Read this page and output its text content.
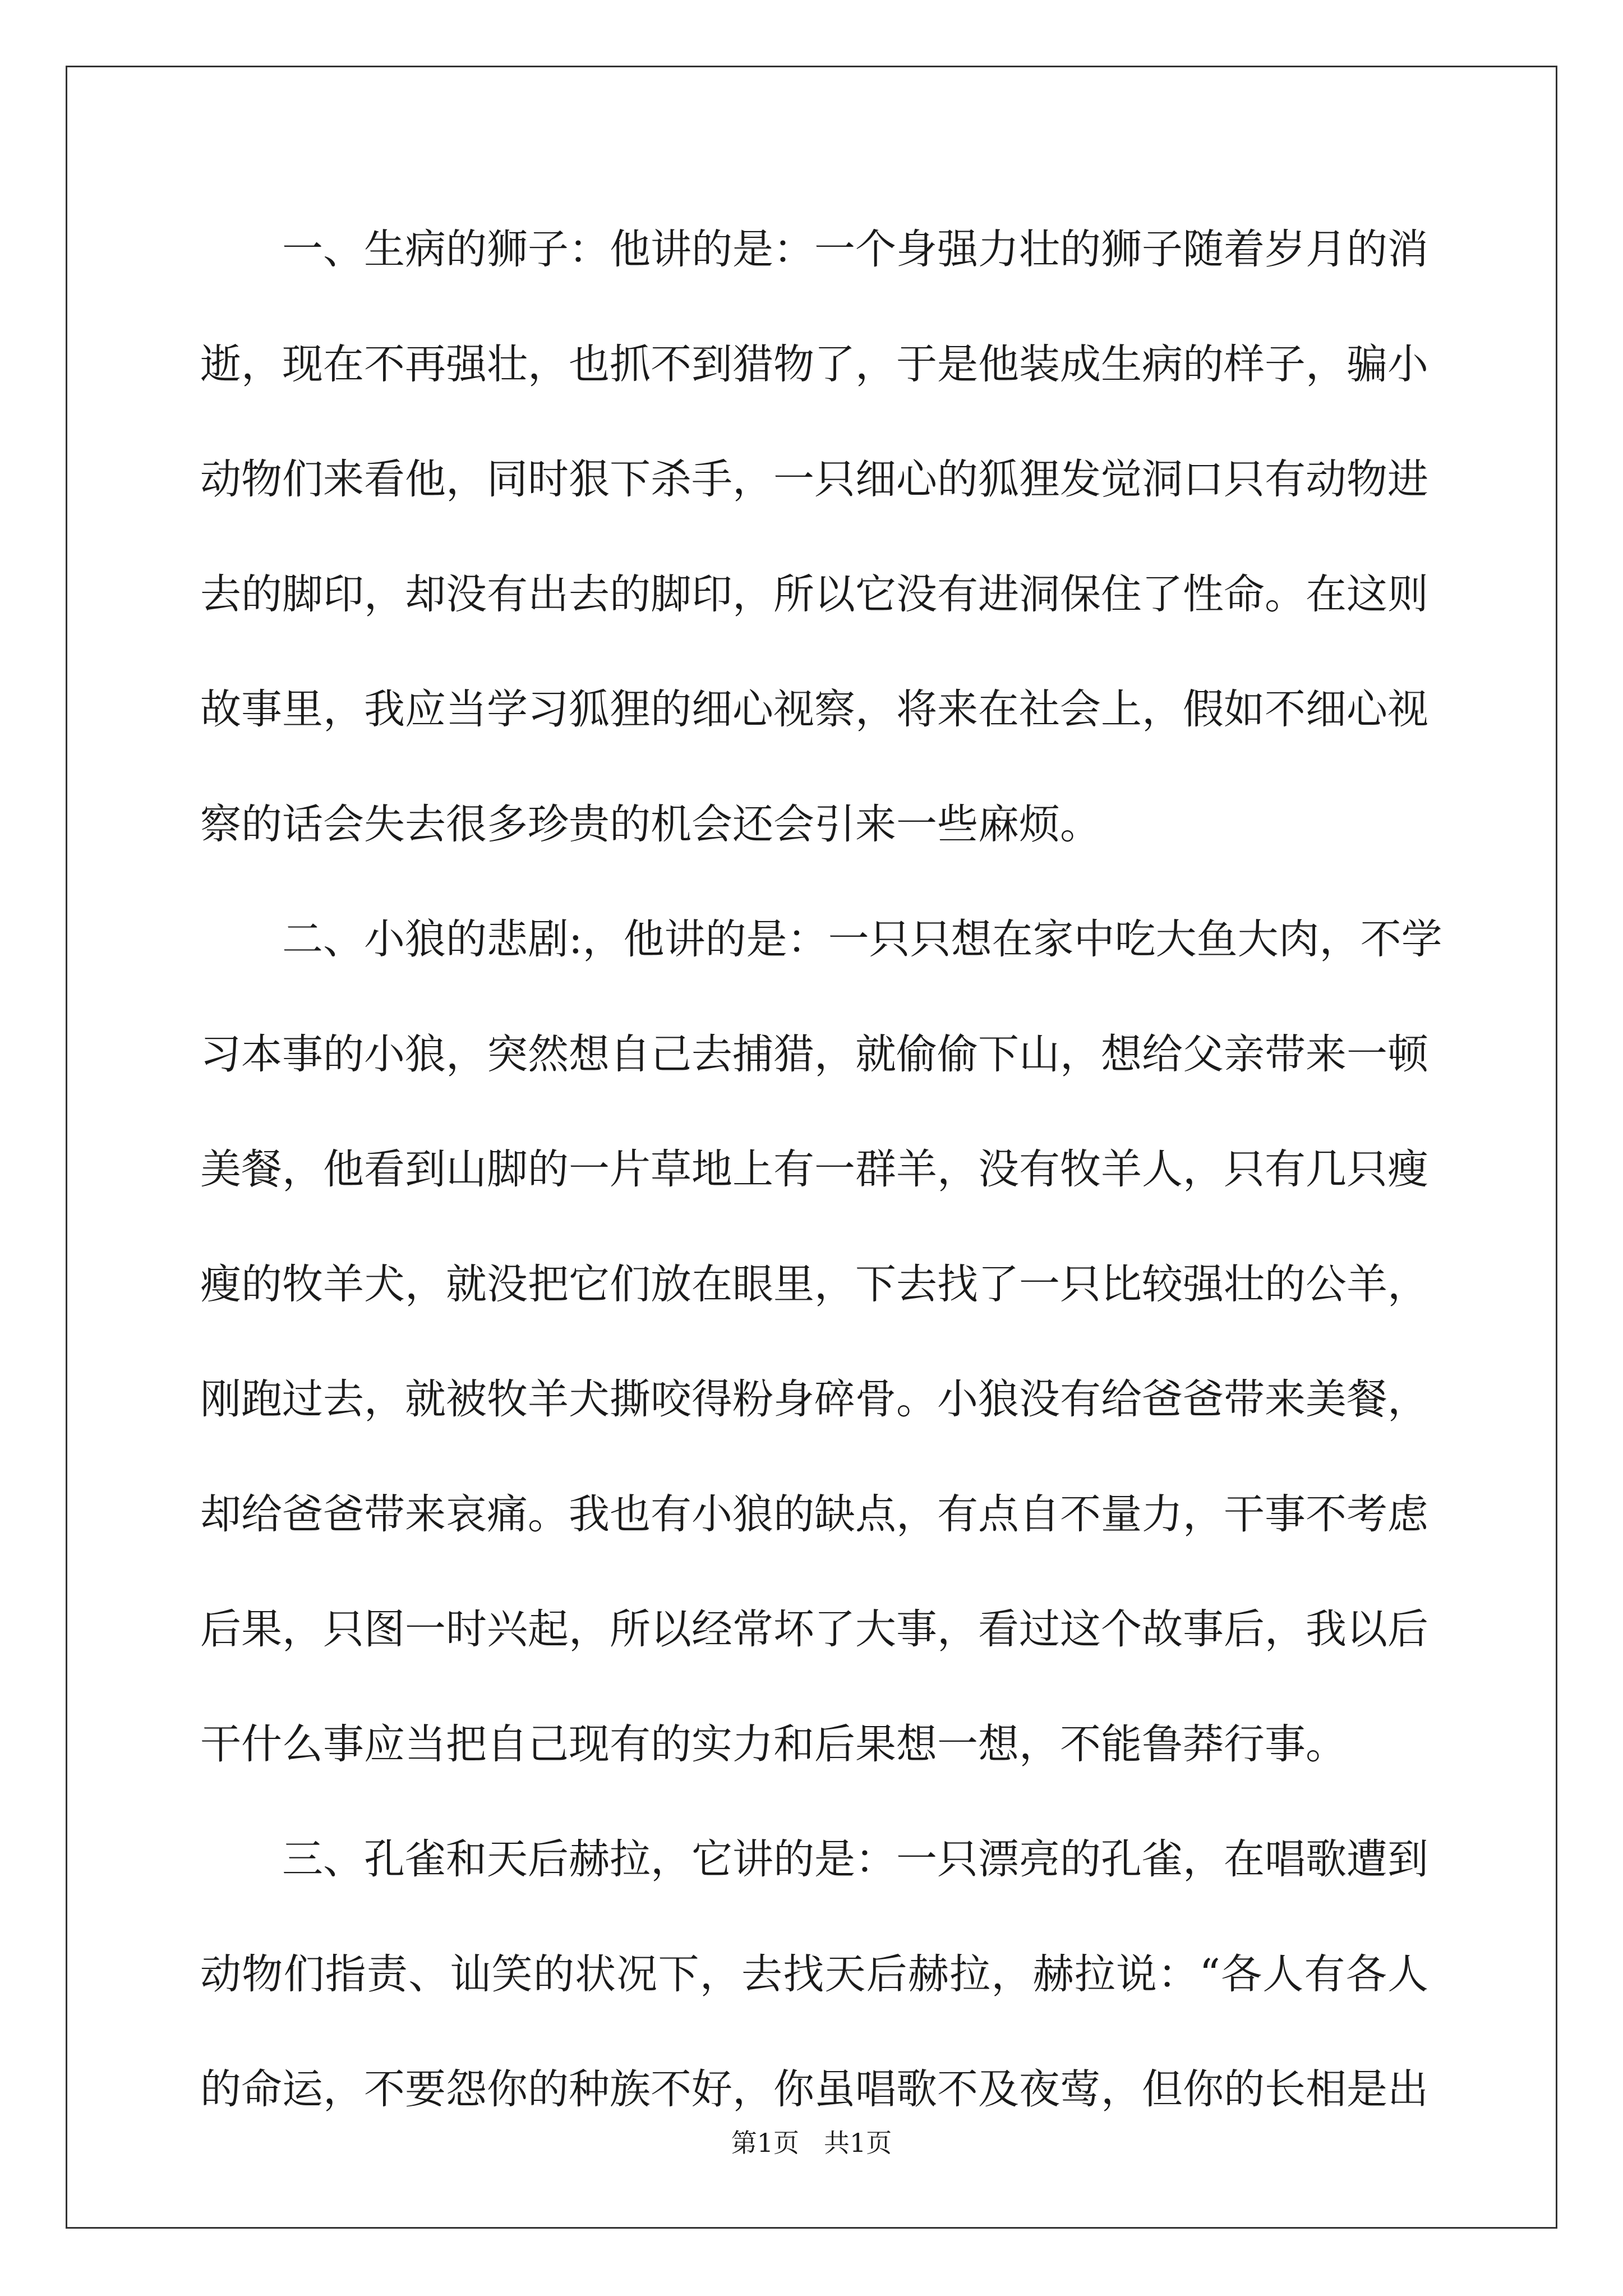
一、生病的狮子：他讲的是：一个身强力壮的狮子随着岁月的消
逝，现在不再强壮，也抓不到猎物了，于是他装成生病的样子，骗小
动物们来看他，同时狠下杀手，一只细心的狐狸发觉洞口只有动物进
去的脚印，却没有出去的脚印，所以它没有进洞保住了性命。在这则
故事里，我应当学习狐狸的细心视察，将来在社会上，假如不细心视
察的话会失去很多珍贵的机会还会引来一些麻烦。
二、小狼的悲剧:，他讲的是：一只只想在家中吃大鱼大肉，不学
习本事的小狼，突然想自己去捕猎，就偷偷下山，想给父亲带来一顿
美餐，他看到山脚的一片草地上有一群羊，没有牧羊人，只有几只瘦
瘦的牧羊犬，就没把它们放在眼里，下去找了一只比较强壮的公羊，
刚跑过去，就被牧羊犬撕咬得粉身碎骨。小狼没有给爸爸带来美餐，
却给爸爸带来哀痛。我也有小狼的缺点，有点自不量力，干事不考虑
后果，只图一时兴起，所以经常坏了大事，看过这个故事后，我以后
干什么事应当把自己现有的实力和后果想一想，不能鲁莽行事。
三、孔雀和天后赫拉，它讲的是：一只漂亮的孔雀，在唱歌遭到
动物们指责、讪笑的状况下，去找天后赫拉，赫拉说：“各人有各人
的命运，不要怨你的种族不好，你虽唱歌不及夜莺，但你的长相是出
第1页 共1页
